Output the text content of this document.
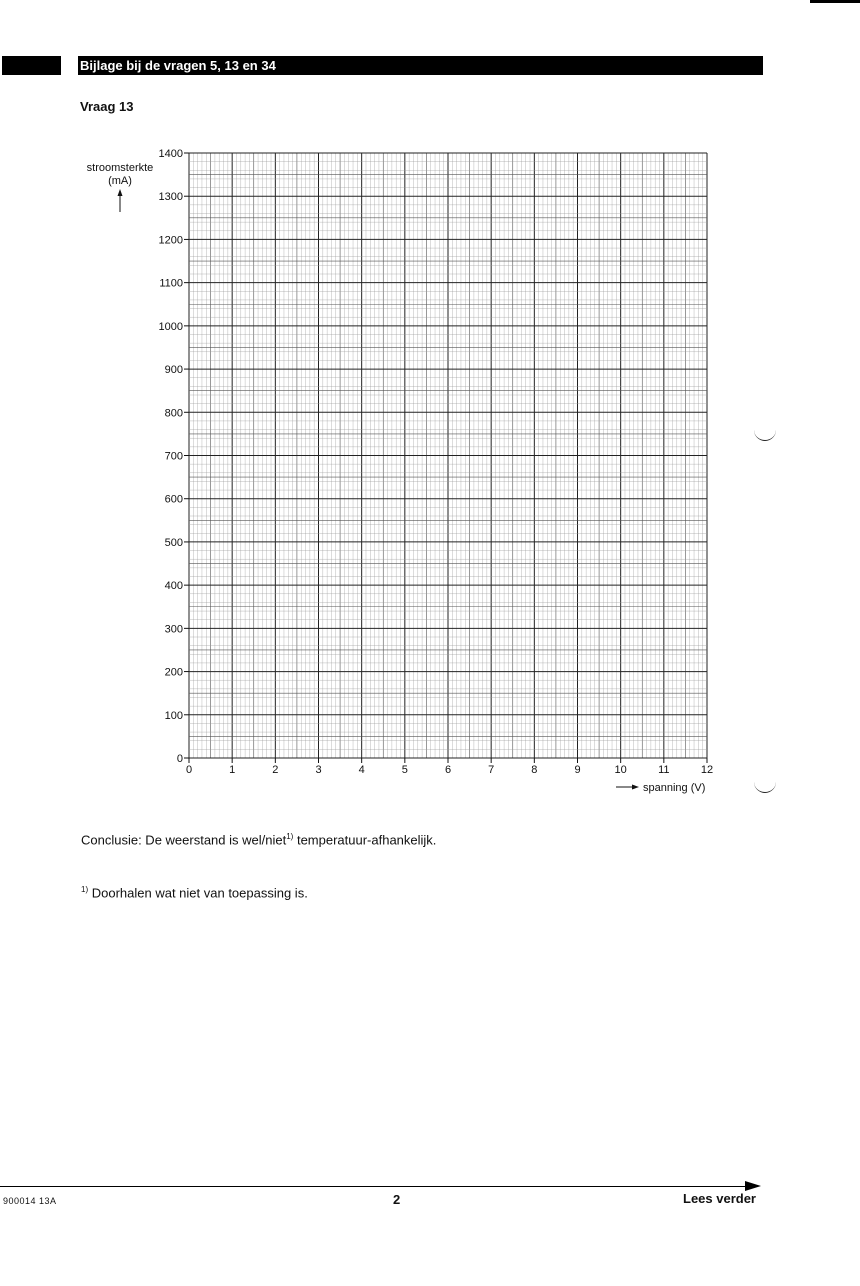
Bijlage bij de vragen 5, 13 en 34
Vraag 13
0
100
200
300
400
500
600
700
800
900
1000
1100
1200
1300
1400
0	1	2	3	4	5	6	7	8	9	10	11	12
stroomsterkte
(mA)
spanning (V)
Conclusie: De weerstand is wel/niet$^{1)}$ temperatuur-afhankelijk.
$^{1)}$ Doorhalen wat niet van toepassing is.
900014 13A	2	Lees verder
